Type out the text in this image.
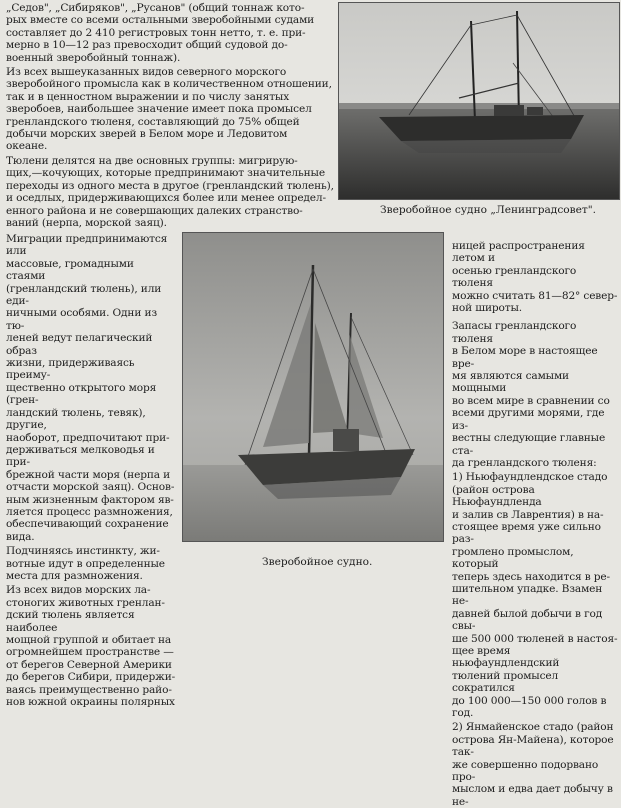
„Седов", „Сибиряков", „Русанов" (общий тоннаж кото-
рых вместе со всеми остальными зверобойными судами
составляет до 2 410 регистровых тонн нетто, т. е. при-
мерно в 10—12 раз превосходит общий судовой до-
военный зверобойный тоннаж).

Из всех вышеуказанных видов северного морского
зверобойного промысла как в количественном отношении,
так и в ценностном выражении и по числу занятых
зверобоев, наибольшее значение имеет пока промысел
гренландского тюленя, составляющий до 75% общей
добычи морских зверей в Белом море и Ледовитом
океане.

Тюлени делятся на две основных группы: мигрирую-
щих,—кочующих, которые предпринимают значительные
переходы из одного места в другое (гренландский тюлень),
и оседлых, придерживающихся более или менее определ-
енного района и не совершающих далеких странство-
ваний (нерпа, морской заяц).

Миграции предпринимаются или
массовые, громадными стаями
(гренландский тюлень), или еди-
ничными особями. Одни из тю-
леней ведут пелагический образ
жизни, придерживаясь преиму-
щественно открытого моря (грен-
ландский тюлень, тевяк), другие,
наоборот, предпочитают при-
держиваться мелководья и при-
брежной части моря (нерпа и
отчасти морской заяц). Основ-
ным жизненным фактором яв-
ляется процесс размножения,
обеспечивающий сохранение
вида.

Подчиняясь инстинкту, жи-
вотные идут в определенные
места для размножения.

Из всех видов морских ла-
стоногих животных гренлан-
дский тюлень является наиболее
мощной группой и обитает на
огромнейшем пространстве —
от берегов Северной Америки
до берегов Сибири, придержи-
ваясь преимущественно райо-
нов южной окраины полярных

Зверобойное судно „Ленинградсовет".
Зверобойное судно.

ницей распространения летом и
осенью гренландского тюленя
можно считать 81—82° север-
ной широты.

Запасы гренландского тюленя
в Белом море в настоящее вре-
мя являются самыми мощными
во всем мире в сравнении со
всеми другими морями, где из-
вестны следующие главные ста-
да гренландского тюленя:

1) Ньюфаундлендское стадо
(район острова Ньюфаундленда
и залив св Лаврентия) в на-
стоящее время уже сильно раз-
громлено промыслом, который
теперь здесь находится в ре-
шительном упадке. Взамен не-
давней былой добычи в год свы-
ше 500 000 тюленей в настоя-
щее время ньюфаундлендский
тюлений промысел сократился
до 100 000—150 000 голов в год.

2) Янмайенское стадо (район
острова Ян-Майена), которое так-
же совершенно подорвано про-
мыслом и едва дает добычу в не-
